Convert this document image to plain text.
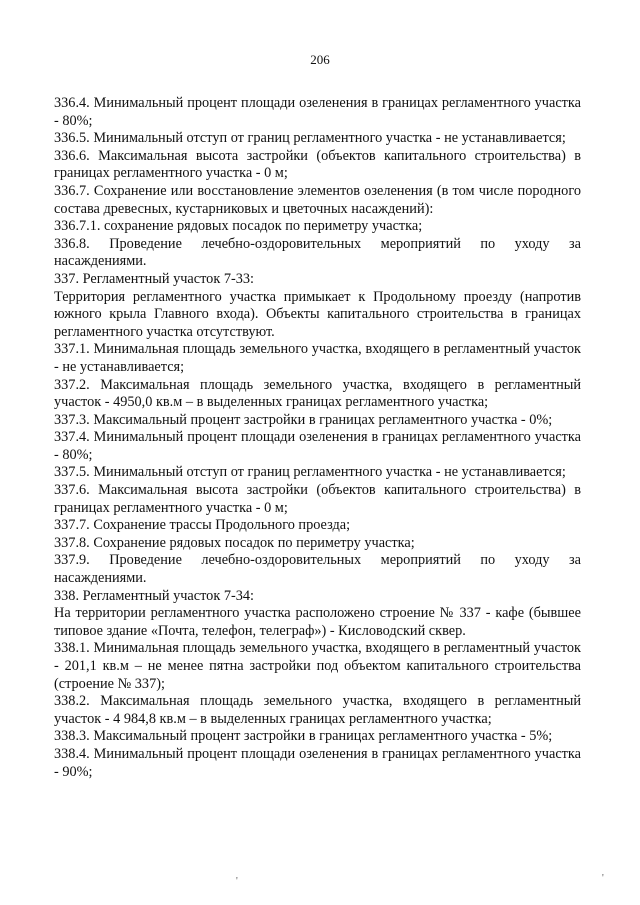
206

336.4. Минимальный процент площади озеленения в границах регламентного участка - 80%;

336.5. Минимальный отступ от границ регламентного участка - не устанавливается;

336.6. Максимальная высота застройки (объектов капитального строительства) в границах регламентного участка - 0 м;

336.7. Сохранение или восстановление элементов озеленения (в том числе породного состава древесных, кустарниковых и цветочных насаждений):

336.7.1. сохранение рядовых посадок по периметру участка;

336.8. Проведение лечебно-оздоровительных мероприятий по уходу за насаждениями.

337. Регламентный участок 7-33:

Территория регламентного участка примыкает к Продольному проезду (напротив южного крыла Главного входа). Объекты капитального строительства в границах регламентного участка отсутствуют.

337.1. Минимальная площадь земельного участка, входящего в регламентный участок - не устанавливается;

337.2. Максимальная площадь земельного участка, входящего в регламентный участок - 4950,0 кв.м – в выделенных границах регламентного участка;

337.3. Максимальный процент застройки в границах регламентного участка - 0%;

337.4. Минимальный процент площади озеленения в границах регламентного участка - 80%;

337.5. Минимальный отступ от границ регламентного участка - не устанавливается;

337.6. Максимальная высота застройки (объектов капитального строительства) в границах регламентного участка - 0 м;

337.7. Сохранение трассы Продольного проезда;

337.8. Сохранение рядовых посадок по периметру участка;

337.9. Проведение лечебно-оздоровительных мероприятий по уходу за насаждениями.

338. Регламентный участок 7-34:

На территории регламентного участка расположено строение № 337 - кафе (бывшее типовое здание «Почта, телефон, телеграф») - Кисловодский сквер.

338.1. Минимальная площадь земельного участка, входящего в регламентный участок - 201,1 кв.м – не менее пятна застройки под объектом капитального строительства (строение № 337);

338.2. Максимальная площадь земельного участка, входящего в регламентный участок - 4 984,8 кв.м – в выделенных границах регламентного участка;

338.3. Максимальный процент застройки в границах регламентного участка - 5%;

338.4. Минимальный процент площади озеленения в границах регламентного участка - 90%;

'	'
